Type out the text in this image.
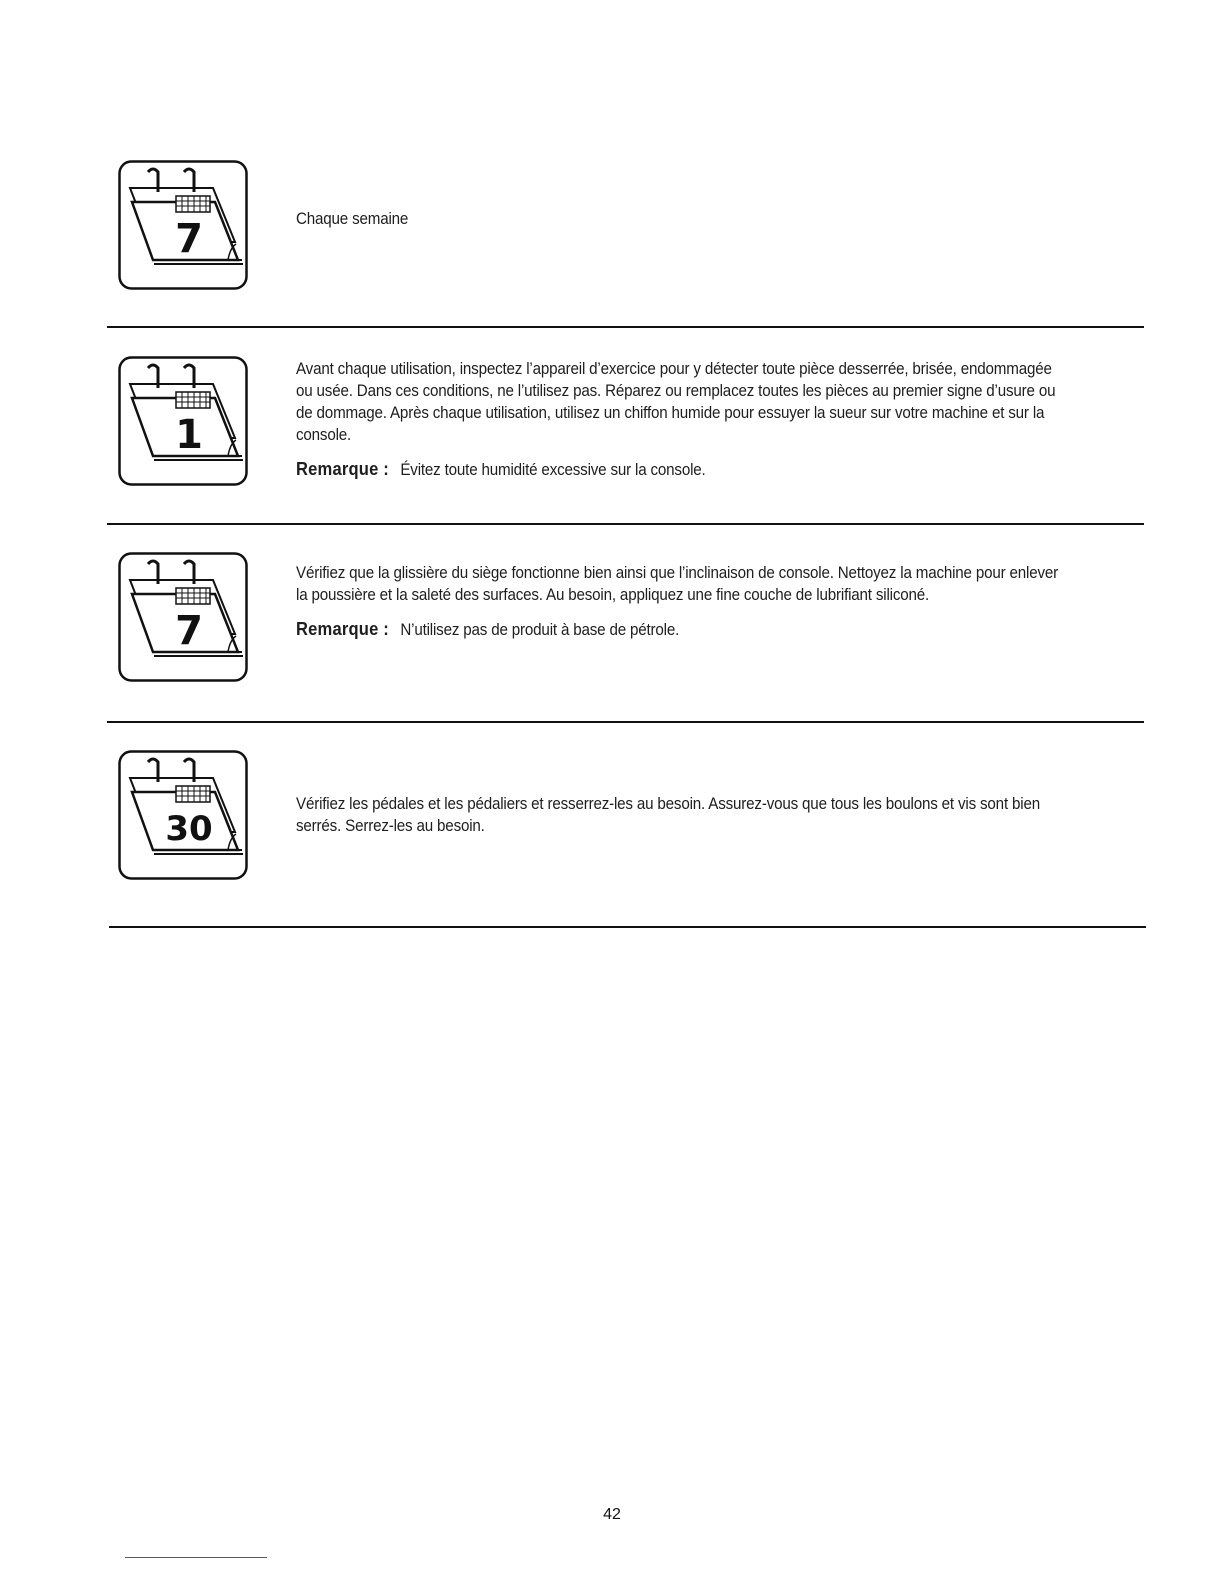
7	Chaque semaine

1

Avant chaque utilisation, inspectez l’appareil d’exercice pour y détecter toute pièce desserrée, brisée, endommagée ou usée. Dans ces conditions, ne l’utilisez pas. Réparez ou remplacez toutes les pièces au premier signe d’usure ou de dommage. Après chaque utilisation, utilisez un chiffon humide pour essuyer la sueur sur votre machine et sur la console.

Remarque : Évitez toute humidité excessive sur la console.

7

Vérifiez que la glissière du siège fonctionne bien ainsi que l’inclinaison de console. Nettoyez la machine pour enlever la poussière et la saleté des surfaces. Au besoin, appliquez une fine couche de lubrifiant siliconé.

Remarque : N’utilisez pas de produit à base de pétrole.

30

Vérifiez les pédales et les pédaliers et resserrez-les au besoin. Assurez-vous que tous les boulons et vis sont bien serrés. Serrez-les au besoin.

42
